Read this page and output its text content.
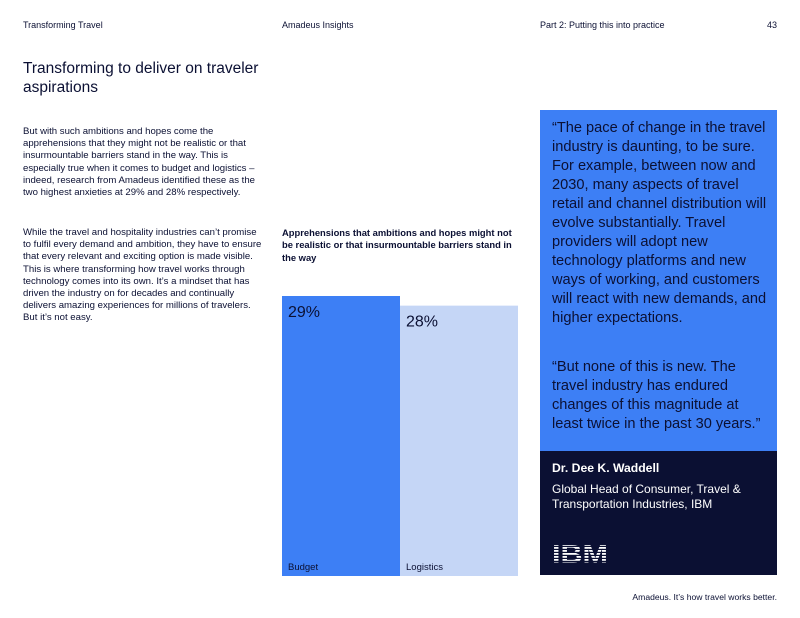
Transforming Travel	Amadeus Insights	Part 2: Putting this into practice	43
Transforming to deliver on traveler aspirations

But with such ambitions and hopes come the apprehensions that they might not be realistic or that insurmountable barriers stand in the way. This is especially true when it comes to budget and logistics – indeed, research from Amadeus identified these as the two highest anxieties at 29% and 28% respectively.

While the travel and hospitality industries can’t promise to fulfil every demand and ambition, they have to ensure that every relevant and exciting option is made visible. This is where transforming how travel works through technology comes into its own. It’s a mindset that has driven the industry on for decades and continually delivers amazing experiences for millions of travelers. But it’s not easy.

Apprehensions that ambitions and hopes might not be realistic or that insurmountable barriers stand in the way

29%
Budget
28%
Logistics

“The pace of change in the travel industry is daunting, to be sure. For example, between now and 2030, many aspects of travel retail and channel distribution will evolve substantially. Travel providers will adopt new technology platforms and new ways of working, and customers will react with new demands, and higher expectations.

“But none of this is new. The travel industry has endured changes of this magnitude at least twice in the past 30 years.”

Dr. Dee K. Waddell

Global Head of Consumer, Travel & Transportation Industries, IBM

IBM
Amadeus. It’s how travel works better.
